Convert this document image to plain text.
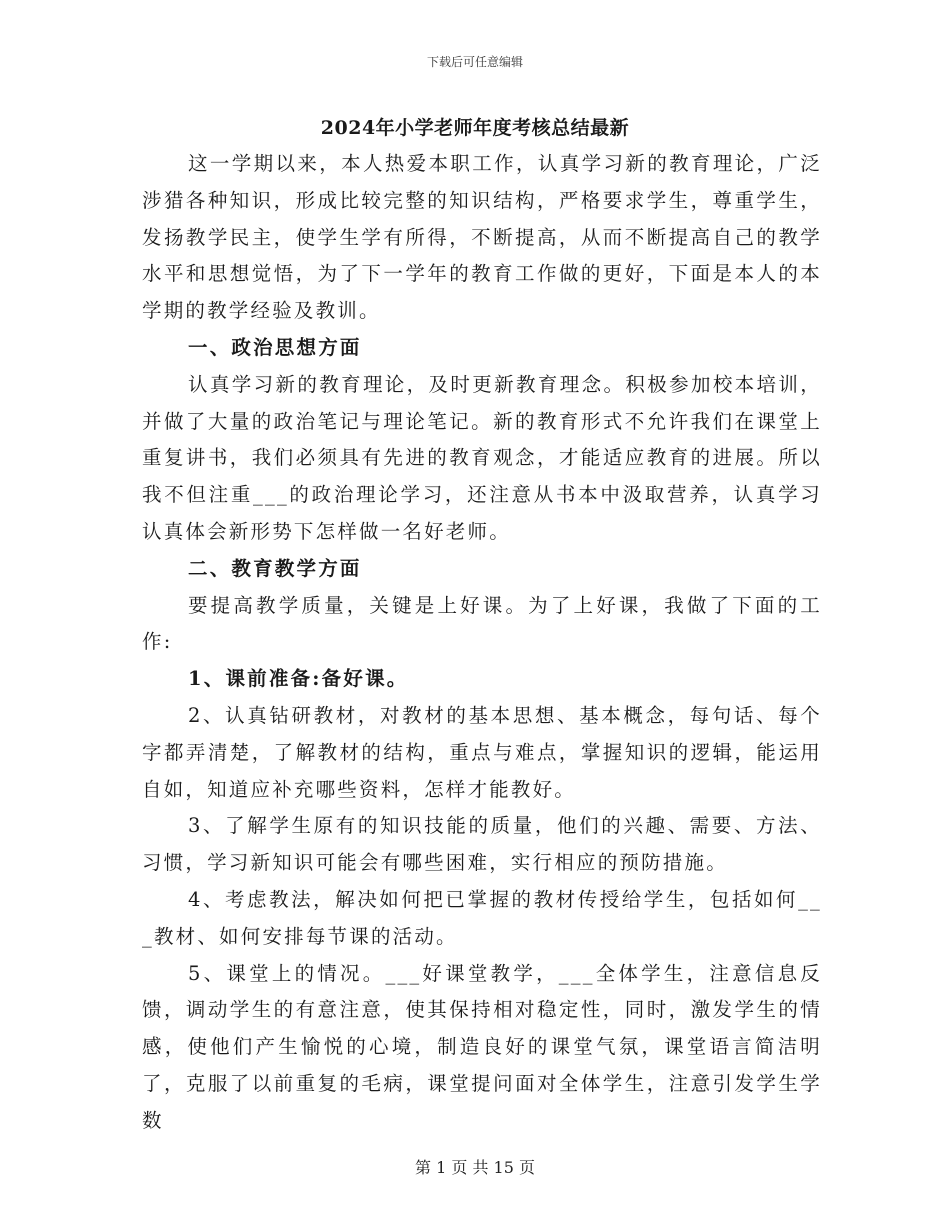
下载后可任意编辑
2024年小学老师年度考核总结最新

这一学期以来，本人热爱本职工作，认真学习新的教育理论，广泛涉猎各种知识，形成比较完整的知识结构，严格要求学生，尊重学生，发扬教学民主，使学生学有所得，不断提高，从而不断提高自己的教学水平和思想觉悟，为了下一学年的教育工作做的更好，下面是本人的本学期的教学经验及教训。

一、政治思想方面

认真学习新的教育理论，及时更新教育理念。积极参加校本培训，并做了大量的政治笔记与理论笔记。新的教育形式不允许我们在课堂上重复讲书，我们必须具有先进的教育观念，才能适应教育的进展。所以我不但注重___的政治理论学习，还注意从书本中汲取营养，认真学习认真体会新形势下怎样做一名好老师。

二、教育教学方面

要提高教学质量，关键是上好课。为了上好课，我做了下面的工作:

1、课前准备:备好课。

2、认真钻研教材，对教材的基本思想、基本概念，每句话、每个字都弄清楚，了解教材的结构，重点与难点，掌握知识的逻辑，能运用自如，知道应补充哪些资料，怎样才能教好。

3、了解学生原有的知识技能的质量，他们的兴趣、需要、方法、习惯，学习新知识可能会有哪些困难，实行相应的预防措施。

4、考虑教法，解决如何把已掌握的教材传授给学生，包括如何___教材、如何安排每节课的活动。

5、课堂上的情况。___好课堂教学，___全体学生，注意信息反馈，调动学生的有意注意，使其保持相对稳定性，同时，激发学生的情感，使他们产生愉悦的心境，制造良好的课堂气氛，课堂语言简洁明了，克服了以前重复的毛病，课堂提问面对全体学生，注意引发学生学数

第 1 页 共 15 页
